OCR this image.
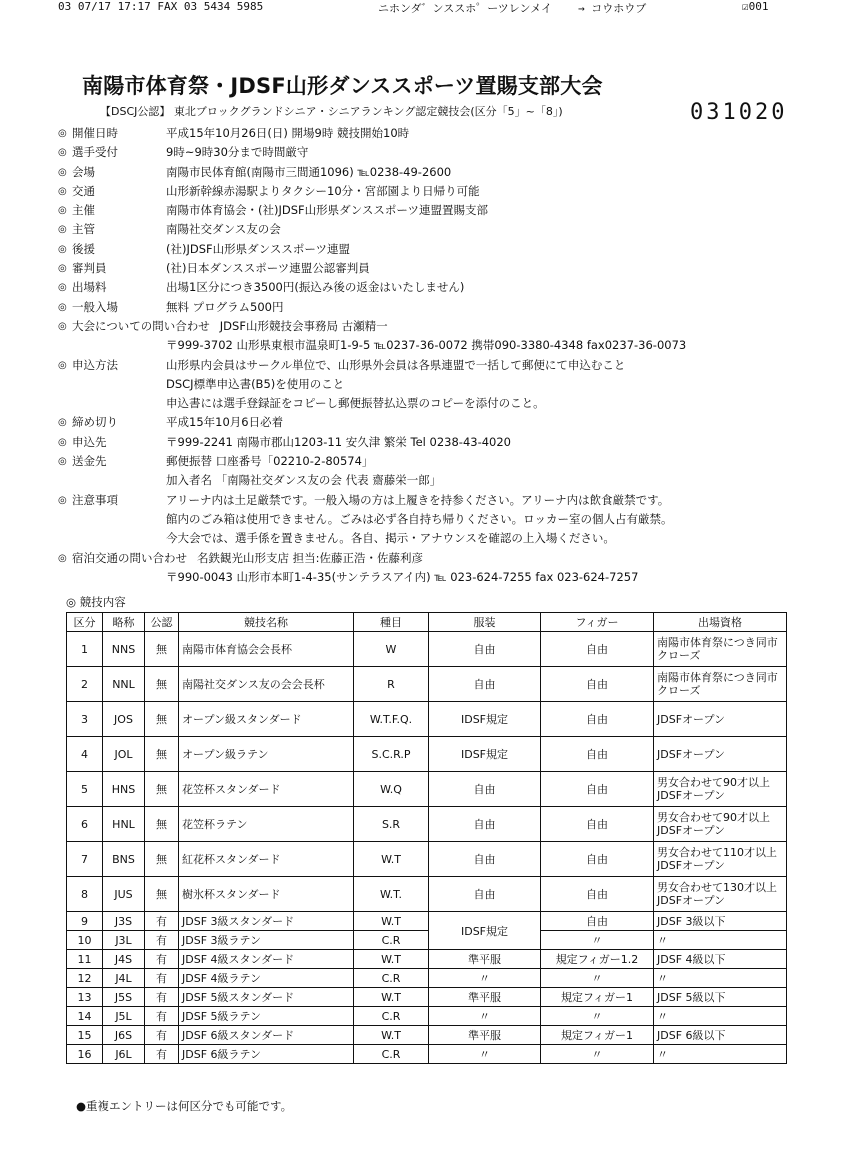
03 07/17 17:17 FAX 03 5434 5985	ニホンダ゛ンススホ゜ーツレンメイ → コウホウブ	☑001
南陽市体育祭・JDSF山形ダンススポーツ置賜支部大会
【DSCJ公認】 東北ブロックグランドシニア・シニアランキング認定競技会(区分「5」~「8」)	031020
◎ 開催日時	平成15年10月26日(日) 開場9時 競技開始10時
◎ 選手受付	9時~9時30分まで時間厳守
◎ 会場	南陽市民体育館(南陽市三間通1096) ℡0238-49-2600
◎ 交通	山形新幹線赤湯駅よりタクシー10分・宮部園より日帰り可能
◎ 主催	南陽市体育協会・(社)JDSF山形県ダンススポーツ連盟置賜支部
◎ 主管	南陽社交ダンス友の会
◎ 後援	(社)JDSF山形県ダンススポーツ連盟
◎ 審判員	(社)日本ダンススポーツ連盟公認審判員
◎ 出場料	出場1区分につき3500円(振込み後の返金はいたしません)
◎ 一般入場	無料 プログラム500円
◎ 大会についての問い合わせ JDSF山形競技会事務局 古瀬精一
〒999-3702 山形県東根市温泉町1-9-5 ℡0237-36-0072 携帯090-3380-4348 fax0237-36-0073
◎ 申込方法	山形県内会員はサークル単位で、山形県外会員は各県連盟で一括して郵便にて申込むこと
DSCJ標準申込書(B5)を使用のこと
申込書には選手登録証をコピーし郵便振替払込票のコピーを添付のこと。
◎ 締め切り	平成15年10月6日必着
◎ 申込先	〒999-2241 南陽市郡山1203-11 安久津 繁栄 Tel 0238-43-4020
◎ 送金先	郵便振替 口座番号「02210-2-80574」
加入者名 「南陽社交ダンス友の会 代表 齋藤栄一郎」
◎ 注意事項	アリーナ内は土足厳禁です。一般入場の方は上履きを持参ください。アリーナ内は飲食厳禁です。
館内のごみ箱は使用できません。ごみは必ず各自持ち帰りください。ロッカー室の個人占有厳禁。
今大会では、選手係を置きません。各自、掲示・アナウンスを確認の上入場ください。
◎ 宿泊交通の問い合わせ 名鉄観光山形支店 担当:佐藤正浩・佐藤利彦
〒990-0043 山形市本町1-4-35(サンテラスアイ内) ℡ 023-624-7255 fax 023-624-7257
◎ 競技内容
区分	略称	公認	競技名称	種目	服装	フィガー	出場資格
1	NNS	無	南陽市体育協会会長杯	W	自由	自由	南陽市体育祭につき同市クローズ
2	NNL	無	南陽社交ダンス友の会会長杯	R	自由	自由	南陽市体育祭につき同市クローズ
3	JOS	無	オープン級スタンダード	W.T.F.Q.	IDSF規定	自由	JDSFオープン
4	JOL	無	オープン級ラテン	S.C.R.P	IDSF規定	自由	JDSFオープン
5	HNS	無	花笠杯スタンダード	W.Q	自由	自由	男女合わせて90才以上JDSFオープン
6	HNL	無	花笠杯ラテン	S.R	自由	自由	男女合わせて90才以上JDSFオープン
7	BNS	無	紅花杯スタンダード	W.T	自由	自由	男女合わせて110才以上JDSFオープン
8	JUS	無	樹氷杯スタンダード	W.T.	自由	自由	男女合わせて130才以上JDSFオープン
9	J3S	有	JDSF 3級スタンダード	W.T	IDSF規定	自由	JDSF 3級以下
10	J3L	有	JDSF 3級ラテン	C.R		〃	〃
11	J4S	有	JDSF 4級スタンダード	W.T	準平服	規定フィガー1.2	JDSF 4級以下
12	J4L	有	JDSF 4級ラテン	C.R	〃	〃	〃
13	J5S	有	JDSF 5級スタンダード	W.T	準平服	規定フィガー1	JDSF 5級以下
14	J5L	有	JDSF 5級ラテン	C.R	〃	〃	〃
15	J6S	有	JDSF 6級スタンダード	W.T	準平服	規定フィガー1	JDSF 6級以下
16	J6L	有	JDSF 6級ラテン	C.R	〃	〃	〃
●重複エントリーは何区分でも可能です。
